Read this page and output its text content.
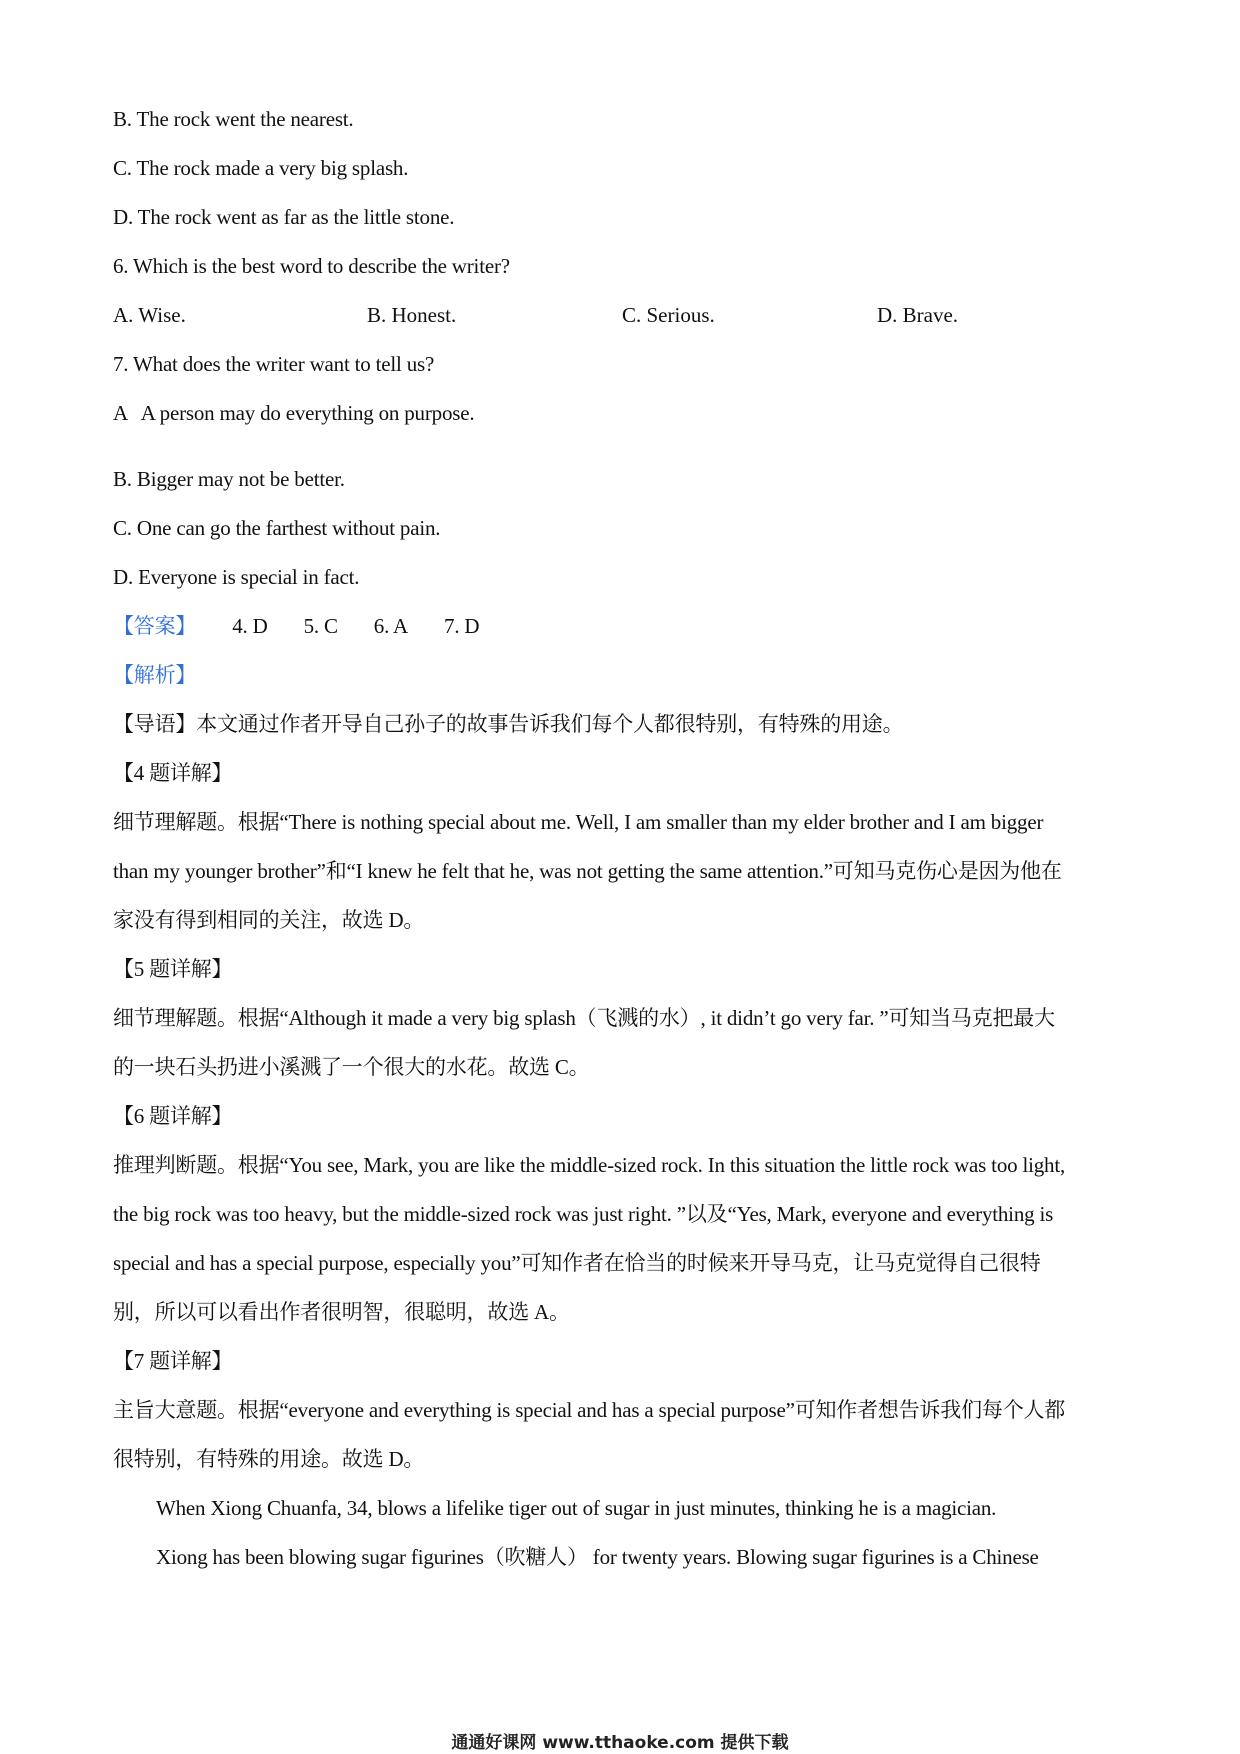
B. The rock went the nearest.
C. The rock made a very big splash.
D. The rock went as far as the little stone.
6. Which is the best word to describe the writer?
A. Wise.	B. Honest.	C. Serious.	D. Brave.
7. What does the writer want to tell us?
A   A person may do everything on purpose.
B. Bigger may not be better.
C. One can go the farthest without pain.
D. Everyone is special in fact.
【答案】 4. D 5. C 6. A 7. D
【解析】
【导语】本文通过作者开导自己孙子的故事告诉我们每个人都很特别，有特殊的用途。
【4 题详解】
细节理解题。根据“There is nothing special about me. Well, I am smaller than my elder brother and I am bigger
than my younger brother”和“I knew he felt that he, was not getting the same attention.”可知马克伤心是因为他在
家没有得到相同的关注，故选 D。
【5 题详解】
细节理解题。根据“Although it made a very big splash（飞溅的水）, it didn’t go very far. ”可知当马克把最大
的一块石头扔进小溪溅了一个很大的水花。故选 C。
【6 题详解】
推理判断题。根据“You see, Mark, you are like the middle-sized rock. In this situation the little rock was too light,
the big rock was too heavy, but the middle-sized rock was just right. ”以及“Yes, Mark, everyone and everything is
special and has a special purpose, especially you”可知作者在恰当的时候来开导马克，让马克觉得自己很特
别，所以可以看出作者很明智，很聪明，故选 A。
【7 题详解】
主旨大意题。根据“everyone and everything is special and has a special purpose”可知作者想告诉我们每个人都
很特别，有特殊的用途。故选 D。
When Xiong Chuanfa, 34, blows a lifelike tiger out of sugar in just minutes, thinking he is a magician.
Xiong has been blowing sugar figurines（吹糖人） for twenty years. Blowing sugar figurines is a Chinese
通通好课网 www.tthaoke.com 提供下载
